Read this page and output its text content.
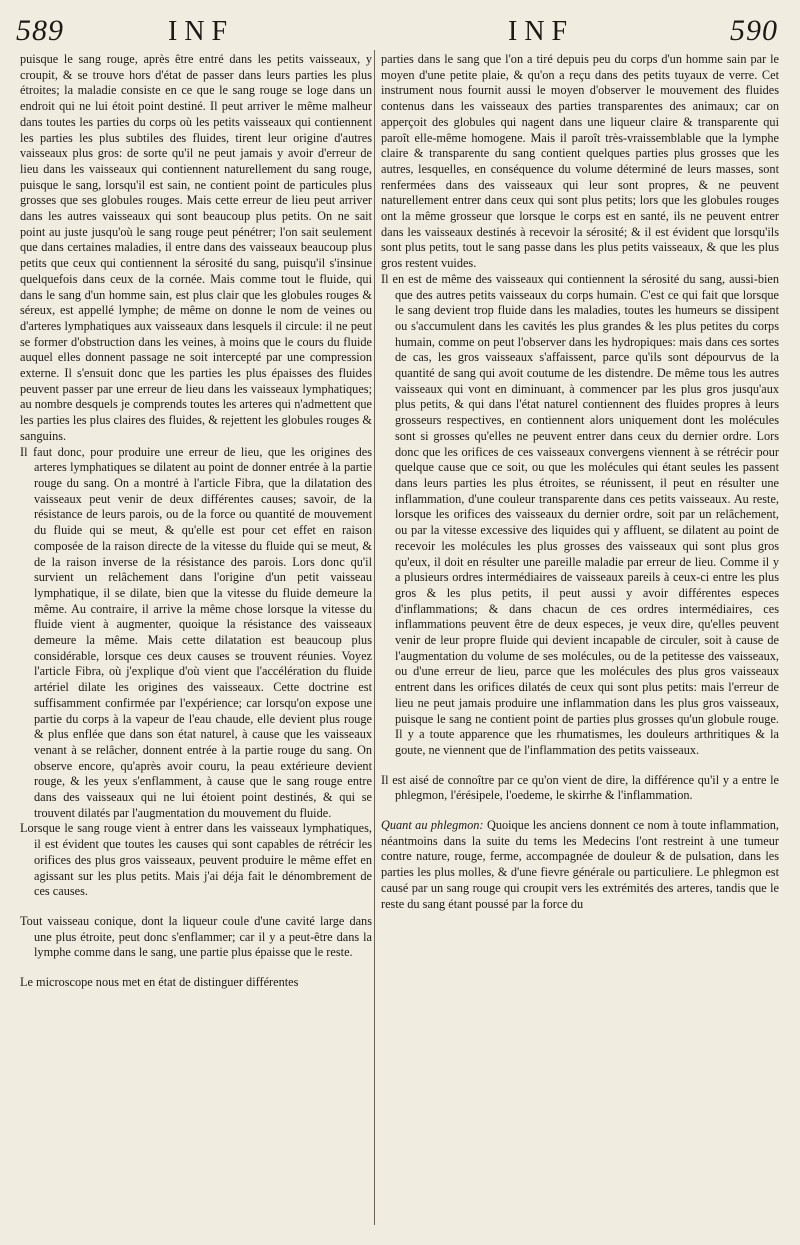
589	INF	INF	590

puisque le sang rouge, après être entré dans les petits vaisseaux, y croupit, & se trouve hors d'état de passer dans leurs parties les plus étroites; la maladie consiste en ce que le sang rouge se loge dans un endroit qui ne lui étoit point destiné. Il peut arriver le même malheur dans toutes les parties du corps où les petits vaisseaux qui contiennent les parties les plus subtiles des fluides, tirent leur origine d'autres vaisseaux plus gros: de sorte qu'il ne peut jamais y avoir d'erreur de lieu dans les vaisseaux qui contiennent naturellement du sang rouge, puisque le sang, lorsqu'il est sain, ne contient point de particules plus grosses que ses globules rouges. Mais cette erreur de lieu peut arriver dans les autres vaisseaux qui sont beaucoup plus petits. On ne sait point au juste jusqu'où le sang rouge peut pénétrer; l'on sait seulement que dans certaines maladies, il entre dans des vaisseaux beaucoup plus petits que ceux qui contiennent la sérosité du sang, puisqu'il s'insinue quelquefois dans ceux de la cornée. Mais comme tout le fluide, qui dans le sang d'un homme sain, est plus clair que les globules rouges & séreux, est appellé lymphe; de même on donne le nom de veines ou d'arteres lymphatiques aux vaisseaux dans lesquels il circule: il ne peut se former d'obstruction dans les veines, à moins que le cours du fluide auquel elles donnent passage ne soit intercepté par une compression externe. Il s'ensuit donc que les parties les plus épaisses des fluides peuvent passer par une erreur de lieu dans les vaisseaux lymphatiques; au nombre desquels je comprends toutes les arteres qui n'admettent que les parties les plus claires des fluides, & rejettent les globules rouges & sanguins.

Il faut donc, pour produire une erreur de lieu, que les origines des arteres lymphatiques se dilatent au point de donner entrée à la partie rouge du sang. On a montré à l'article Fibra, que la dilatation des vaisseaux peut venir de deux différentes causes; savoir, de la résistance de leurs parois, ou de la force ou quantité de mouvement du fluide qui se meut, & qu'elle est pour cet effet en raison composée de la raison directe de la vitesse du fluide qui se meut, & de la raison inverse de la résistance des parois. Lors donc qu'il survient un relâchement dans l'origine d'un petit vaisseau lymphatique, il se dilate, bien que la vitesse du fluide demeure la même. Au contraire, il arrive la même chose lorsque la vitesse du fluide vient à augmenter, quoique la résistance des vaisseaux demeure la même. Mais cette dilatation est beaucoup plus considérable, lorsque ces deux causes se trouvent réunies. Voyez l'article Fibra, où j'explique d'où vient que l'accélération du fluide artériel dilate les origines des vaisseaux. Cette doctrine est suffisamment confirmée par l'expérience; car lorsqu'on expose une partie du corps à la vapeur de l'eau chaude, elle devient plus rouge & plus enflée que dans son état naturel, à cause que les vaisseaux venant à se relâcher, donnent entrée à la partie rouge du sang. On observe encore, qu'après avoir couru, la peau extérieure devient rouge, & les yeux s'enflamment, à cause que le sang rouge entre dans des vaisseaux qui ne lui étoient point destinés, & qui se trouvent dilatés par l'augmentation du mouvement du fluide.

Lorsque le sang rouge vient à entrer dans les vaisseaux lymphatiques, il est évident que toutes les causes qui sont capables de rétrécir les orifices des plus gros vaisseaux, peuvent produire le même effet en agissant sur les plus petits. Mais j'ai déja fait le dénombrement de ces causes.

Tout vaisseau conique, dont la liqueur coule d'une cavité large dans une plus étroite, peut donc s'enflammer; car il y a peut-être dans la lymphe comme dans le sang, une partie plus épaisse que le reste.

Le microscope nous met en état de distinguer différentes

parties dans le sang que l'on a tiré depuis peu du corps d'un homme sain par le moyen d'une petite plaie, & qu'on a reçu dans des petits tuyaux de verre. Cet instrument nous fournit aussi le moyen d'observer le mouvement des fluides contenus dans les vaisseaux des parties transparentes des animaux; car on apperçoit des globules qui nagent dans une liqueur claire & transparente qui paroît elle-même homogene. Mais il paroît très-vraissemblable que la lymphe claire & transparente du sang contient quelques parties plus grosses que les autres, lesquelles, en conséquence du volume déterminé de leurs masses, sont renfermées dans des vaisseaux qui leur sont propres, & ne peuvent naturellement entrer dans ceux qui sont plus petits; lors que les globules rouges ont la même grosseur que lorsque le corps est en santé, ils ne peuvent entrer dans les vaisseaux destinés à recevoir la sérosité; & il est évident que lorsqu'ils sont plus petits, tout le sang passe dans les plus petits vaisseaux, & que les plus gros restent vuides.

Il en est de même des vaisseaux qui contiennent la sérosité du sang, aussi-bien que des autres petits vaisseaux du corps humain. C'est ce qui fait que lorsque le sang devient trop fluide dans les maladies, toutes les humeurs se dissipent ou s'accumulent dans les cavités les plus grandes & les plus petites du corps humain, comme on peut l'observer dans les hydropiques: mais dans ces sortes de cas, les gros vaisseaux s'affaissent, parce qu'ils sont dépourvus de la quantité de sang qui avoit coutume de les distendre. De même tous les autres vaisseaux qui vont en diminuant, à commencer par les plus gros jusqu'aux plus petits, & qui dans l'état naturel contiennent des fluides propres à leurs grosseurs respectives, en contiennent alors uniquement dont les molécules sont si grosses qu'elles ne peuvent entrer dans ceux du dernier ordre. Lors donc que les orifices de ces vaisseaux convergens viennent à se rétrécir pour quelque cause que ce soit, ou que les molécules qui étant seules les passent dans leurs parties les plus étroites, se réunissent, il peut en résulter une inflammation, d'une couleur transparente dans ces petits vaisseaux. Au reste, lorsque les orifices des vaisseaux du dernier ordre, soit par un relâchement, ou par la vitesse excessive des liquides qui y affluent, se dilatent au point de recevoir les molécules les plus grosses des vaisseaux qui sont plus gros qu'eux, il doit en résulter une pareille maladie par erreur de lieu. Comme il y a plusieurs ordres intermédiaires de vaisseaux pareils à ceux-ci entre les plus gros & les plus petits, il peut aussi y avoir différentes especes d'inflammations; & dans chacun de ces ordres intermédiaires, ces inflammations peuvent être de deux especes, je veux dire, qu'elles peuvent venir de leur propre fluide qui devient incapable de circuler, soit à cause de l'augmentation du volume de ses molécules, ou de la petitesse des vaisseaux, ou d'une erreur de lieu, parce que les molécules des plus gros vaisseaux entrent dans les orifices dilatés de ceux qui sont plus petits: mais l'erreur de lieu ne peut jamais produire une inflammation dans les plus gros vaisseaux, puisque le sang ne contient point de parties plus grosses qu'un globule rouge. Il y a toute apparence que les rhumatismes, les douleurs arthritiques & la goute, ne viennent que de l'inflammation des petits vaisseaux.

Il est aisé de connoître par ce qu'on vient de dire, la différence qu'il y a entre le phlegmon, l'érésipele, l'oedeme, le skirrhe & l'inflammation.

Quant au phlegmon: Quoique les anciens donnent ce nom à toute inflammation, néantmoins dans la suite du tems les Medecins l'ont restreint à une tumeur contre nature, rouge, ferme, accompagnée de douleur & de pulsation, dans les parties les plus molles, & d'une fievre générale ou particuliere. Le phlegmon est causé par un sang rouge qui croupit vers les extrémités des arteres, tandis que le reste du sang étant poussé par la force du
